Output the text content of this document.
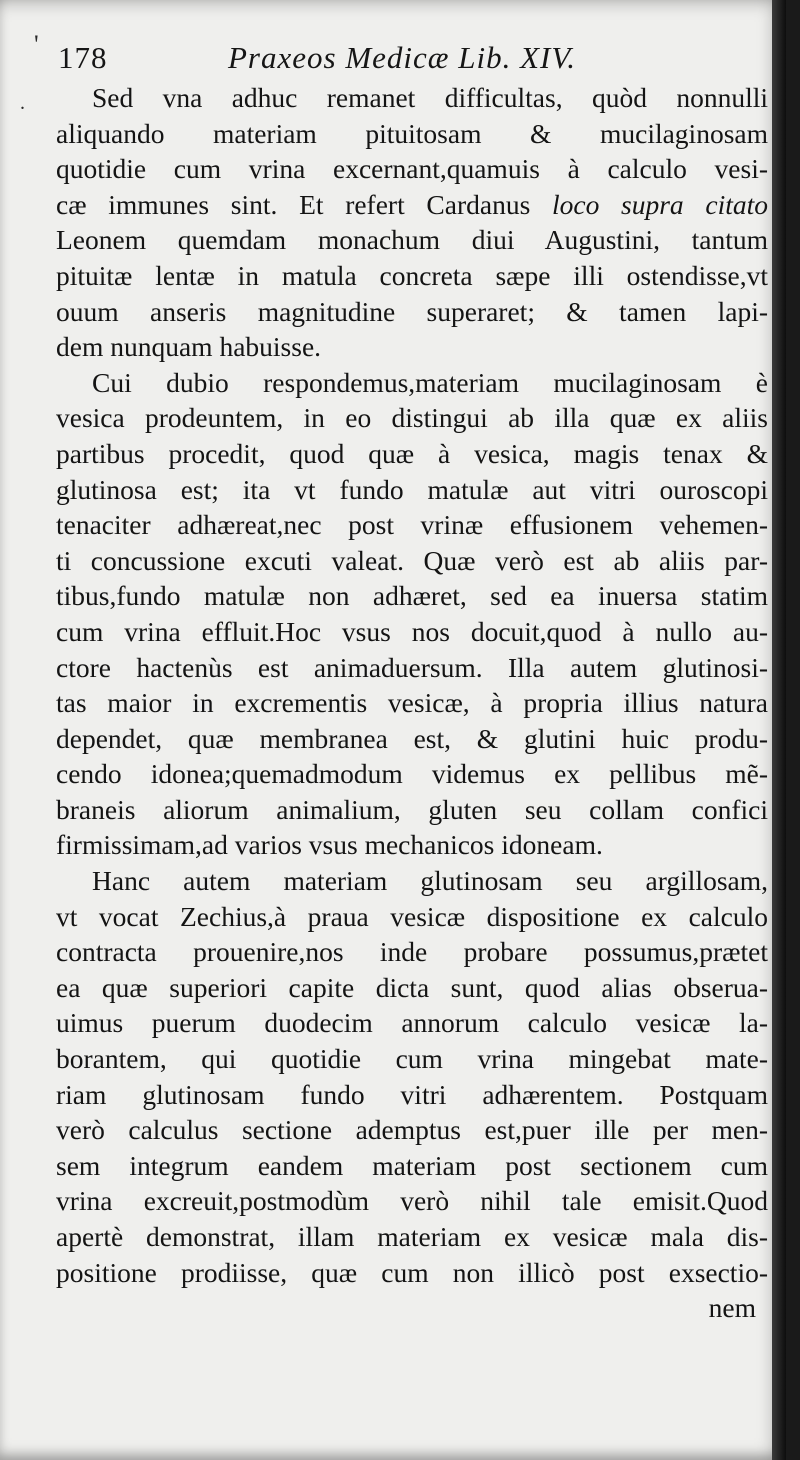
'
.
178	Praxeos Medicæ Lib. XIV.
Sed vna adhuc remanet difficultas, quòd nonnulli
aliquando materiam pituitosam & mucilaginosam
quotidie cum vrina excernant,quamuis à calculo vesi-
cæ immunes sint. Et refert Cardanus loco supra citato
Leonem quemdam monachum diui Augustini, tantum
pituitæ lentæ in matula concreta sæpe illi ostendisse,vt
ouum anseris magnitudine superaret; & tamen lapi-
dem nunquam habuisse.
Cui dubio respondemus,materiam mucilaginosam è
vesica prodeuntem, in eo distingui ab illa quæ ex aliis
partibus procedit, quod quæ à vesica, magis tenax &
glutinosa est; ita vt fundo matulæ aut vitri ouroscopi
tenaciter adhæreat,nec post vrinæ effusionem vehemen-
ti concussione excuti valeat. Quæ verò est ab aliis par-
tibus,fundo matulæ non adhæret, sed ea inuersa statim
cum vrina effluit.Hoc vsus nos docuit,quod à nullo au-
ctore hactenùs est animaduersum. Illa autem glutinosi-
tas maior in excrementis vesicæ, à propria illius natura
dependet, quæ membranea est, & glutini huic produ-
cendo idonea;quemadmodum videmus ex pellibus mẽ-
braneis aliorum animalium, gluten seu collam confici
firmissimam,ad varios vsus mechanicos idoneam.
Hanc autem materiam glutinosam seu argillosam,
vt vocat Zechius,à praua vesicæ dispositione ex calculo
contracta prouenire,nos inde probare possumus,prætet
ea quæ superiori capite dicta sunt, quod alias obserua-
uimus puerum duodecim annorum calculo vesicæ la-
borantem, qui quotidie cum vrina mingebat mate-
riam glutinosam fundo vitri adhærentem. Postquam
verò calculus sectione ademptus est,puer ille per men-
sem integrum eandem materiam post sectionem cum
vrina excreuit,postmodùm verò nihil tale emisit.Quod
apertè demonstrat, illam materiam ex vesicæ mala dis-
positione prodiisse, quæ cum non illicò post exsectio-
nem
